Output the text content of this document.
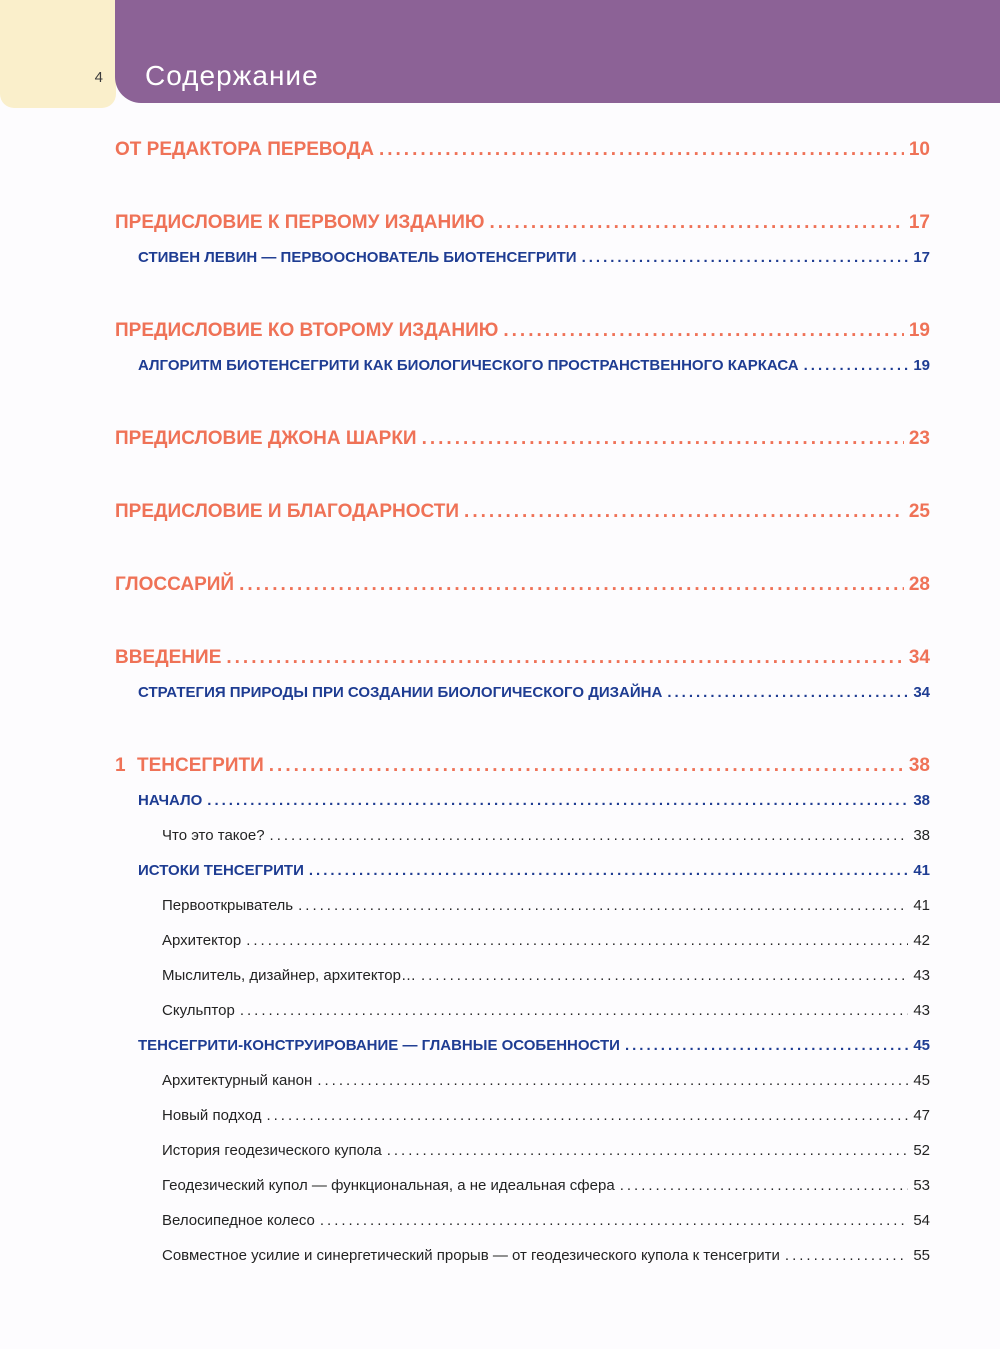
4 Содержание
ОТ РЕДАКТОРА ПЕРЕВОДА .....	10
ПРЕДИСЛОВИЕ К ПЕРВОМУ ИЗДАНИЮ .....	17
СТИВЕН ЛЕВИН — ПЕРВООСНОВАТЕЛЬ БИОТЕНСЕГРИТИ .....	17
ПРЕДИСЛОВИЕ КО ВТОРОМУ ИЗДАНИЮ .....	19
АЛГОРИТМ БИОТЕНСЕГРИТИ КАК БИОЛОГИЧЕСКОГО ПРОСТРАНСТВЕННОГО КАРКАСА .....	19
ПРЕДИСЛОВИЕ ДЖОНА ШАРКИ .....	23
ПРЕДИСЛОВИЕ И БЛАГОДАРНОСТИ .....	25
ГЛОССАРИЙ .....	28
ВВЕДЕНИЕ .....	34
СТРАТЕГИЯ ПРИРОДЫ ПРИ СОЗДАНИИ БИОЛОГИЧЕСКОГО ДИЗАЙНА .....	34
1 ТЕНСЕГРИТИ .....	38
НАЧАЛО .....	38
Что это такое? .....	38
ИСТОКИ ТЕНСЕГРИТИ .....	41
Первооткрыватель .....	41
Архитектор .....	42
Мыслитель, дизайнер, архитектор… .....	43
Скульптор .....	43
ТЕНСЕГРИТИ-КОНСТРУИРОВАНИЕ — ГЛАВНЫЕ ОСОБЕННОСТИ .....	45
Архитектурный канон .....	45
Новый подход .....	47
История геодезического купола .....	52
Геодезический купол — функциональная, а не идеальная сфера .....	53
Велосипедное колесо .....	54
Совместное усилие и синергетический прорыв — от геодезического купола к тенсегрити .....	55
